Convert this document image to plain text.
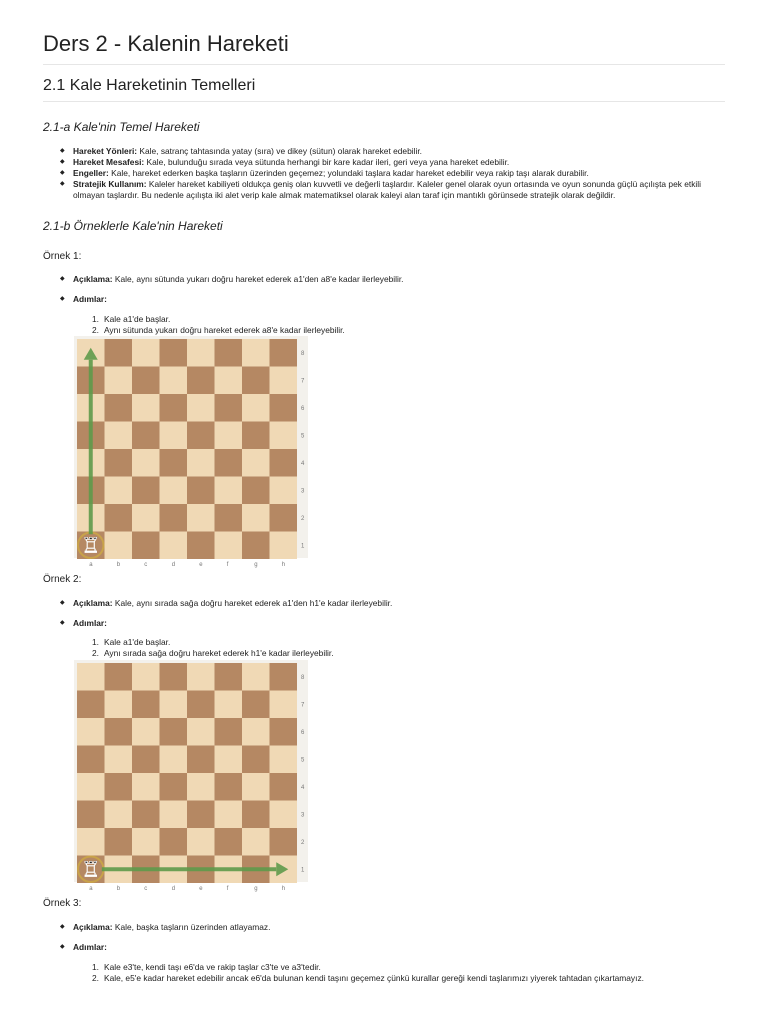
Ders 2 - Kalenin Hareketi
2.1 Kale Hareketinin Temelleri
2.1-a Kale'nin Temel Hareketi
◆ Hareket Yönleri: Kale, satranç tahtasında yatay (sıra) ve dikey (sütun) olarak hareket edebilir.
◆ Hareket Mesafesi: Kale, bulunduğu sırada veya sütunda herhangi bir kare kadar ileri, geri veya yana hareket edebilir.
◆ Engeller: Kale, hareket ederken başka taşların üzerinden geçemez; yolundaki taşlara kadar hareket edebilir veya rakip taşı alarak durabilir.
◆ Stratejik Kullanım: Kaleler hareket kabiliyeti oldukça geniş olan kuvvetli ve değerli taşlardır. Kaleler genel olarak oyun ortasında ve oyun sonunda güçlü açılışta pek etkili olmayan taşlardır. Bu nedenle açılışta iki alet verip kale almak matematiksel olarak kaleyi alan taraf için mantıklı görünsede stratejik olarak değildir.
2.1-b Örneklerle Kale'nin Hareketi
Örnek 1:
◆ Açıklama: Kale, aynı sütunda yukarı doğru hareket ederek a1'den a8'e kadar ilerleyebilir.
◆ Adımlar:
1. Kale a1'de başlar.
2. Aynı sütunda yukarı doğru hareket ederek a8'e kadar ilerleyebilir.
8
7
6
5
4
3
2
1
a	b	c	d	e	f	g	h
♖
Örnek 2:
◆ Açıklama: Kale, aynı sırada sağa doğru hareket ederek a1'den h1'e kadar ilerleyebilir.
◆ Adımlar:
1. Kale a1'de başlar.
2. Aynı sırada sağa doğru hareket ederek h1'e kadar ilerleyebilir.
8
7
6
5
4
3
2
1
a	b	c	d	e	f	g	h
♖
Örnek 3:
◆ Açıklama: Kale, başka taşların üzerinden atlayamaz.
◆ Adımlar:
1. Kale e3'te, kendi taşı e6'da ve rakip taşlar c3'te ve a3'tedir.
2. Kale, e5'e kadar hareket edebilir ancak e6'da bulunan kendi taşını geçemez çünkü kurallar gereği kendi taşlarımızı yiyerek tahtadan çıkartamayız.
